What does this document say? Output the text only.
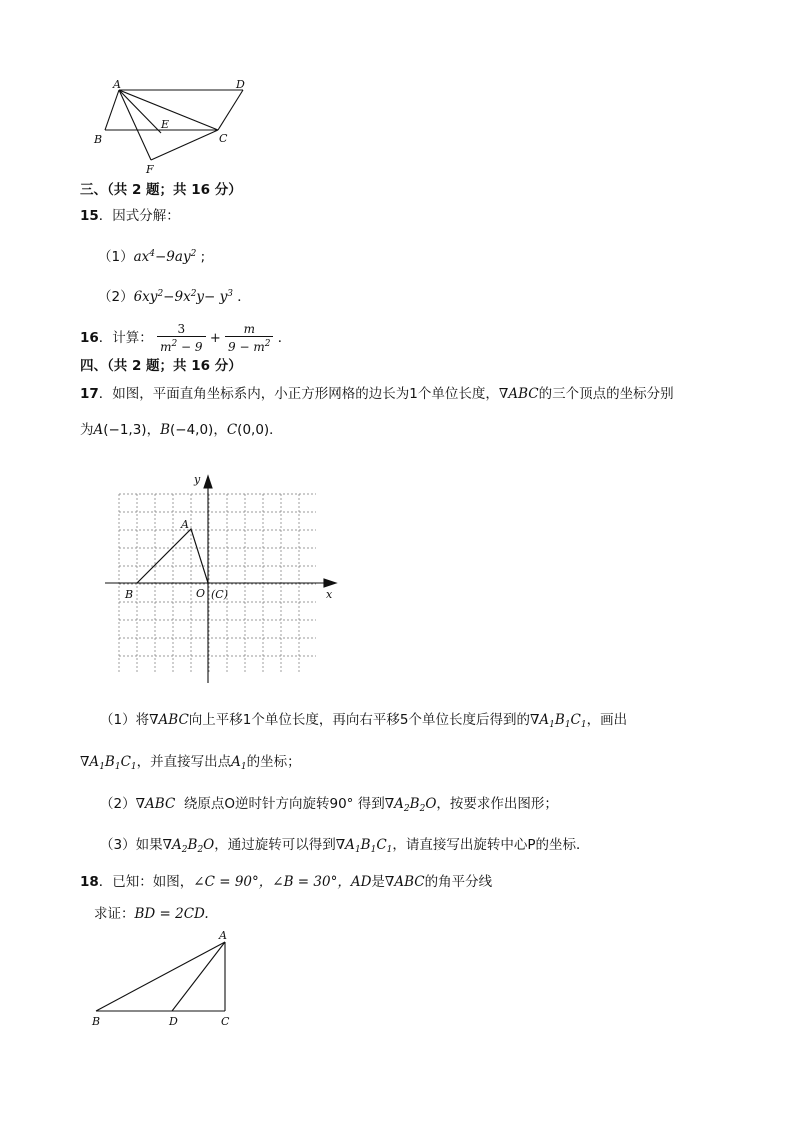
A	D
B
E
C
F
三、（共 2 题；共 16 分）
15．因式分解：
$(1)ax^4-9ay^2$ ;
$(2)6xy^2-9x^2y- y^3$ ．
16．计算： $\frac{3}{m^2 - 9} + \frac{m}{9 - m^2}$ ．
四、（共 2 题；共 16 分）
17．如图，平面直角坐标系内，小正方形网格的边长为1个单位长度，∇ABC的三个顶点的坐标分别
为A(−1,3)，B(−4,0)，C(0,0)．
y
x
A
B	O (C)
（1）将∇ABC向上平移1个单位长度，再向右平移5个单位长度后得到的$\nabla A_1B_1C_1$，画出
$\nabla A_1B_1C_1$，并直接写出点$A_1$的坐标；
（2）∇ABC 绕原点O逆时针方向旋转90° 得到$\nabla A_2B_2O$，按要求作出图形；
（3）如果$\nabla A_2B_2O$，通过旋转可以得到$\nabla A_1B_1C_1$，请直接写出旋转中心P的坐标．
18．已知：如图，∠C = 90°，∠B = 30°，AD是∇ABC的角平分线
求证：BD = 2CD.
A
B	D	C
